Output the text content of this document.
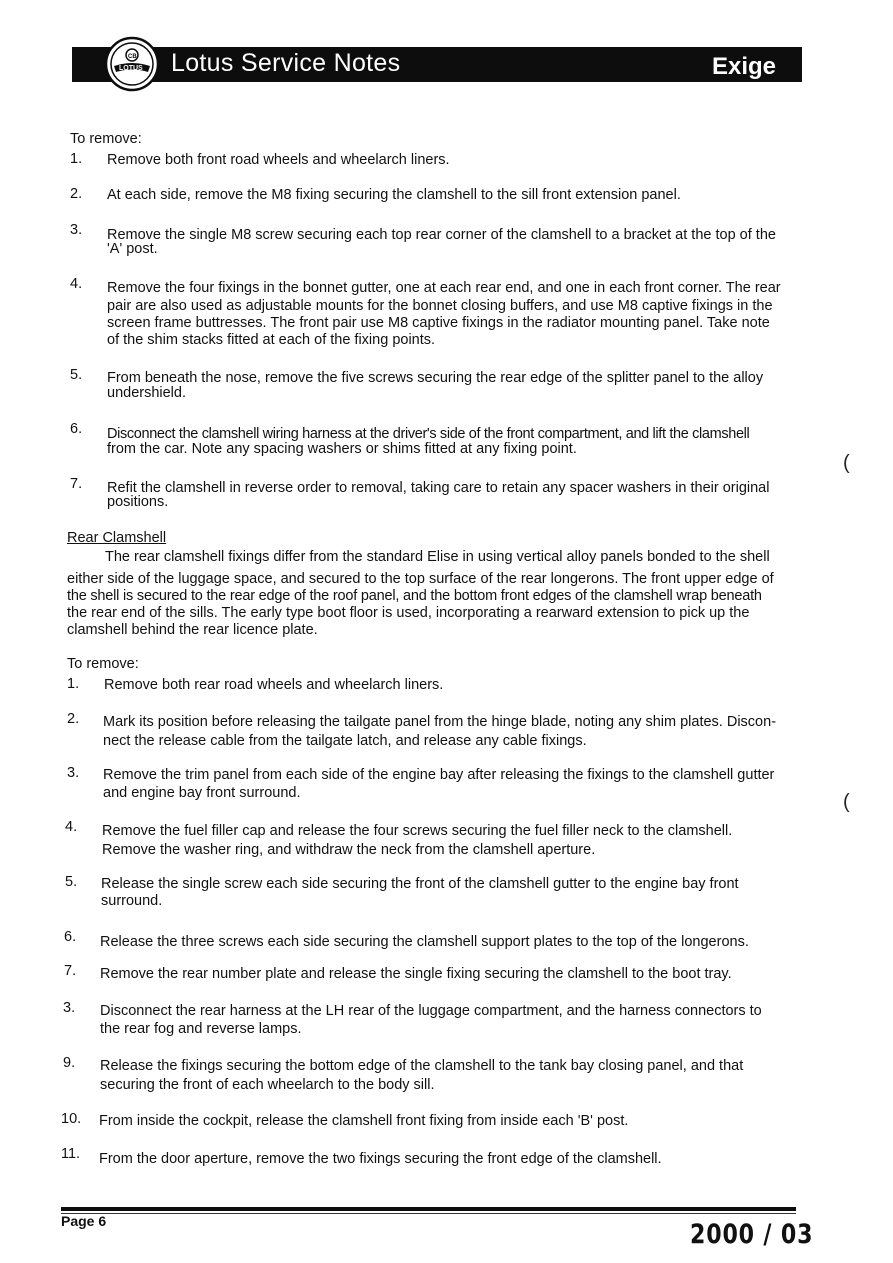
CB
LOTUS Lotus Service Notes	Exige
To remove:
1. Remove both front road wheels and wheelarch liners.
2. At each side, remove the M8 fixing securing the clamshell to the sill front extension panel.
3. Remove the single M8 screw securing each top rear corner of the clamshell to a bracket at the top of the
'A' post.
4. Remove the four fixings in the bonnet gutter, one at each rear end, and one in each front corner. The rear
pair are also used as adjustable mounts for the bonnet closing buffers, and use M8 captive fixings in the
screen frame buttresses. The front pair use M8 captive fixings in the radiator mounting panel. Take note
of the shim stacks fitted at each of the fixing points.
5. From beneath the nose, remove the five screws securing the rear edge of the splitter panel to the alloy
undershield.
6. Disconnect the clamshell wiring harness at the driver's side of the front compartment, and lift the clamshell
from the car. Note any spacing washers or shims fitted at any fixing point.
7. Refit the clamshell in reverse order to removal, taking care to retain any spacer washers in their original
positions.
Rear Clamshell
The rear clamshell fixings differ from the standard Elise in using vertical alloy panels bonded to the shell
either side of the luggage space, and secured to the top surface of the rear longerons. The front upper edge of
the shell is secured to the rear edge of the roof panel, and the bottom front edges of the clamshell wrap beneath
the rear end of the sills. The early type boot floor is used, incorporating a rearward extension to pick up the
clamshell behind the rear licence plate.
To remove:
1. Remove both rear road wheels and wheelarch liners.
2. Mark its position before releasing the tailgate panel from the hinge blade, noting any shim plates. Discon-
nect the release cable from the tailgate latch, and release any cable fixings.
3. Remove the trim panel from each side of the engine bay after releasing the fixings to the clamshell gutter
and engine bay front surround.
4. Remove the fuel filler cap and release the four screws securing the fuel filler neck to the clamshell.
Remove the washer ring, and withdraw the neck from the clamshell aperture.
5. Release the single screw each side securing the front of the clamshell gutter to the engine bay front
surround.
6. Release the three screws each side securing the clamshell support plates to the top of the longerons.
7. Remove the rear number plate and release the single fixing securing the clamshell to the boot tray.
3. Disconnect the rear harness at the LH rear of the luggage compartment, and the harness connectors to
the rear fog and reverse lamps.
9. Release the fixings securing the bottom edge of the clamshell to the tank bay closing panel, and that
securing the front of each wheelarch to the body sill.
10. From inside the cockpit, release the clamshell front fixing from inside each 'B' post.
11. From the door aperture, remove the two fixings securing the front edge of the clamshell.
(
(
Page 6	2000 / 03
